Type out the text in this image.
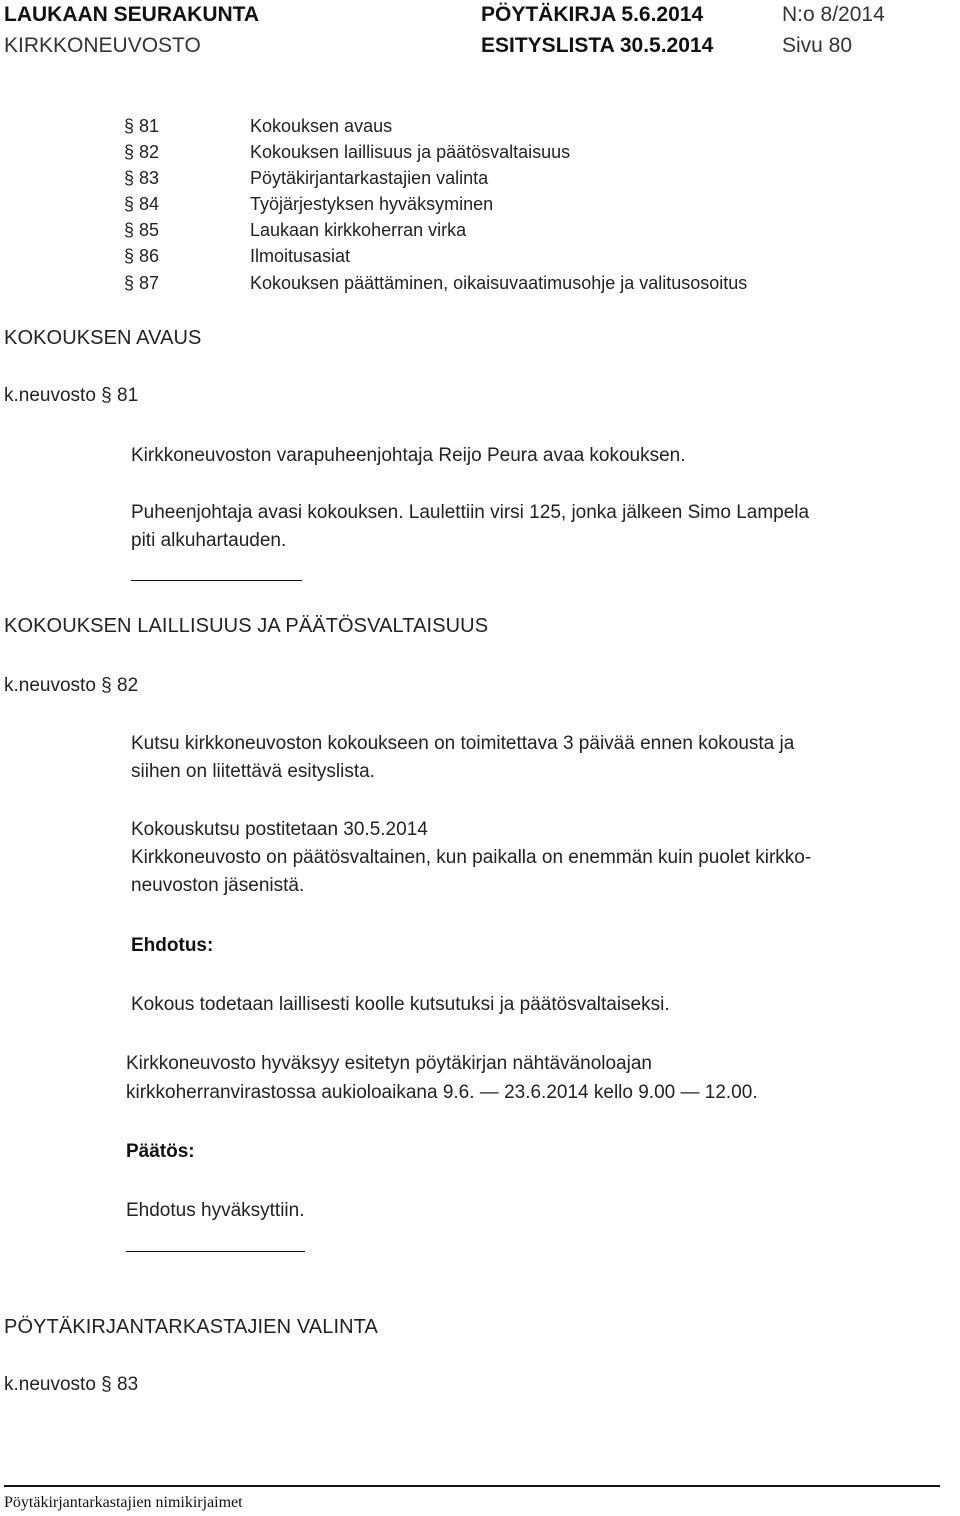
LAUKAAN SEURAKUNTA	PÖYTÄKIRJA 5.6.2014	N:o 8/2014
KIRKKONEUVOSTO	ESITYSLISTA 30.5.2014	Sivu 80
§ 81	Kokouksen avaus
§ 82	Kokouksen laillisuus ja päätösvaltaisuus
§ 83	Pöytäkirjantarkastajien valinta
§ 84	Työjärjestyksen hyväksyminen
§ 85	Laukaan kirkkoherran virka
§ 86	Ilmoitusasiat
§ 87	Kokouksen päättäminen, oikaisuvaatimusohje ja valitusosoitus
KOKOUKSEN AVAUS
k.neuvosto § 81
Kirkkoneuvoston varapuheenjohtaja Reijo Peura avaa kokouksen.
Puheenjohtaja avasi kokouksen. Laulettiin virsi 125, jonka jälkeen Simo Lampela
piti alkuhartauden.
KOKOUKSEN LAILLISUUS JA PÄÄTÖSVALTAISUUS
k.neuvosto § 82
Kutsu kirkkoneuvoston kokoukseen on toimitettava 3 päivää ennen kokousta ja
siihen on liitettävä esityslista.
Kokouskutsu postitetaan 30.5.2014
Kirkkoneuvosto on päätösvaltainen, kun paikalla on enemmän kuin puolet kirkko-
neuvoston jäsenistä.
Ehdotus:
Kokous todetaan laillisesti koolle kutsutuksi ja päätösvaltaiseksi.
Kirkkoneuvosto hyväksyy esitetyn pöytäkirjan nähtävänoloajan
kirkkoherranvirastossa aukioloaikana 9.6. — 23.6.2014 kello 9.00 — 12.00.
Päätös:
Ehdotus hyväksyttiin.
PÖYTÄKIRJANTARKASTAJIEN VALINTA
k.neuvosto § 83
Pöytäkirjantarkastajien nimikirjaimet
